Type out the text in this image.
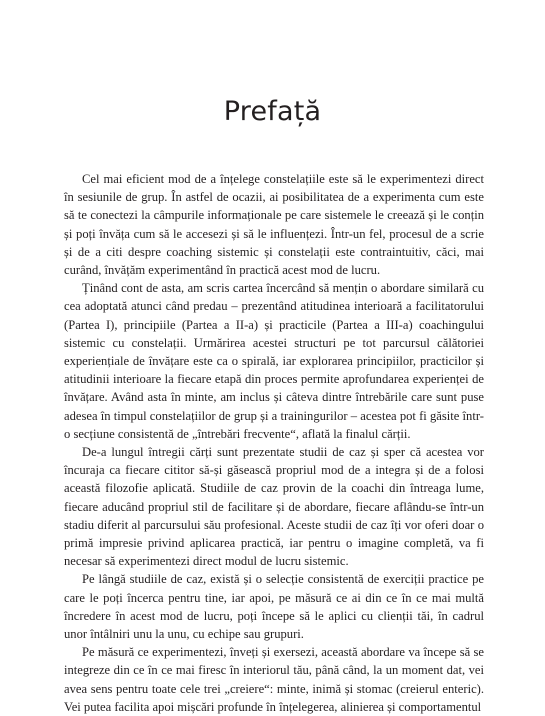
Prefață

Cel mai eficient mod de a înțelege constelațiile este să le experimentezi direct în sesiunile de grup. În astfel de ocazii, ai posibilitatea de a experimenta cum este să te conectezi la câmpurile informaționale pe care sistemele le creează și le conțin și poți învăța cum să le accesezi și să le influențezi. Într-un fel, procesul de a scrie și de a citi despre coaching sistemic și constelații este contraintuitiv, căci, mai curând, învățăm experimentând în practică acest mod de lucru.

Ținând cont de asta, am scris cartea încercând să mențin o abordare similară cu cea adoptată atunci când predau – prezentând atitudinea interioară a facilitatorului (Partea I), principiile (Partea a II-a) și practicile (Partea a III-a) coachingului sistemic cu constelații. Urmărirea acestei structuri pe tot parcursul călătoriei experiențiale de învățare este ca o spirală, iar explorarea principiilor, practicilor și atitudinii interioare la fiecare etapă din proces permite aprofundarea experienței de învățare. Având asta în minte, am inclus și câteva dintre întrebările care sunt puse adesea în timpul constelațiilor de grup și a trainingurilor – acestea pot fi găsite într-o secțiune consistentă de „întrebări frecvente“, aflată la finalul cărții.

De-a lungul întregii cărți sunt prezentate studii de caz și sper că acestea vor încuraja ca fiecare cititor să-și găsească propriul mod de a integra și de a folosi această filozofie aplicată. Studiile de caz provin de la coachi din întreaga lume, fiecare aducând propriul stil de facilitare și de abordare, fiecare aflându-se într-un stadiu diferit al parcursului său profesional. Aceste studii de caz îți vor oferi doar o primă impresie privind aplicarea practică, iar pentru o imagine completă, va fi necesar să experimentezi direct modul de lucru sistemic.

Pe lângă studiile de caz, există și o selecție consistentă de exerciții practice pe care le poți încerca pentru tine, iar apoi, pe măsură ce ai din ce în ce mai multă încredere în acest mod de lucru, poți începe să le aplici cu clienții tăi, în cadrul unor întâlniri unu la unu, cu echipe sau grupuri.

Pe măsură ce experimentezi, înveți și exersezi, această abordare va începe să se integreze din ce în ce mai firesc în interiorul tău, până când, la un moment dat, vei avea sens pentru toate cele trei „creiere“: minte, inimă și stomac (creierul enteric). Vei putea facilita apoi mișcări profunde în înțelegerea, alinierea și comportamentul
